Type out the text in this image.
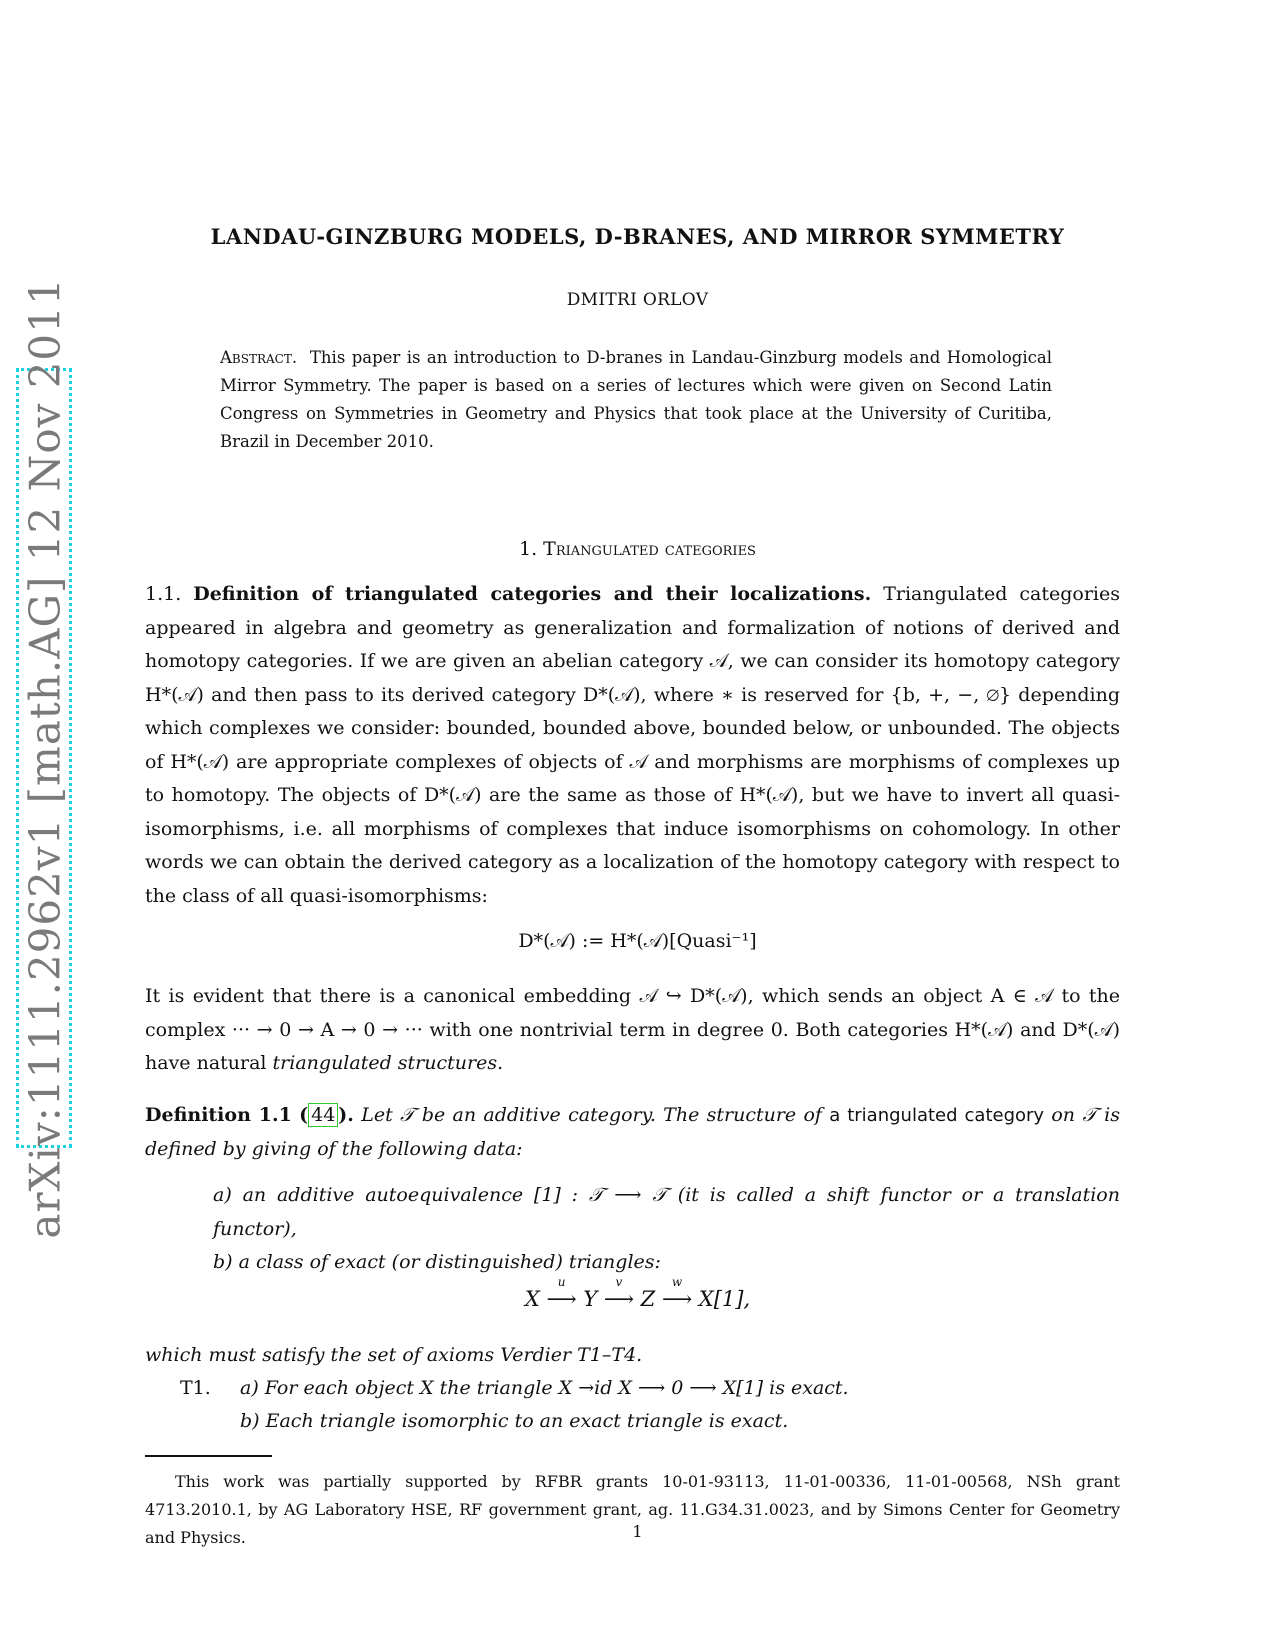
arXiv:1111.2962v1 [math.AG] 12 Nov 2011
LANDAU-GINZBURG MODELS, D-BRANES, AND MIRROR SYMMETRY
DMITRI ORLOV
Abstract. This paper is an introduction to D-branes in Landau-Ginzburg models and Homological Mirror Symmetry. The paper is based on a series of lectures which were given on Second Latin Congress on Symmetries in Geometry and Physics that took place at the University of Curitiba, Brazil in December 2010.
1. Triangulated categories
1.1. Definition of triangulated categories and their localizations. Triangulated categories appeared in algebra and geometry as generalization and formalization of notions of derived and homotopy categories. If we are given an abelian category 𝒜, we can consider its homotopy category H*(𝒜) and then pass to its derived category D*(𝒜), where ∗ is reserved for {b, +, −, ∅} depending which complexes we consider: bounded, bounded above, bounded below, or unbounded. The objects of H*(𝒜) are appropriate complexes of objects of 𝒜 and morphisms are morphisms of complexes up to homotopy. The objects of D*(𝒜) are the same as those of H*(𝒜), but we have to invert all quasi-isomorphisms, i.e. all morphisms of complexes that induce isomorphisms on cohomology. In other words we can obtain the derived category as a localization of the homotopy category with respect to the class of all quasi-isomorphisms:
D*(𝒜) := H*(𝒜)[Quasi⁻¹]
It is evident that there is a canonical embedding 𝒜 ↪ D*(𝒜), which sends an object A ∈ 𝒜 to the complex ··· → 0 → A → 0 → ··· with one nontrivial term in degree 0. Both categories H*(𝒜) and D*(𝒜) have natural triangulated structures.
Definition 1.1 ( 44 ). Let 𝒯 be an additive category. The structure of a triangulated category on 𝒯 is defined by giving of the following data:
a) an additive autoequivalence [1] : 𝒯 ⟶ 𝒯 (it is called a shift functor or a translation functor),
b) a class of exact (or distinguished) triangles:
X ⟶
u
Y ⟶
v
Z ⟶
w
X[1],
which must satisfy the set of axioms Verdier T1–T4.
T1. a) For each object X the triangle X →id X ⟶ 0 ⟶ X[1] is exact.
b) Each triangle isomorphic to an exact triangle is exact.
This work was partially supported by RFBR grants 10-01-93113, 11-01-00336, 11-01-00568, NSh grant 4713.2010.1, by AG Laboratory HSE, RF government grant, ag. 11.G34.31.0023, and by Simons Center for Geometry and Physics.	1
